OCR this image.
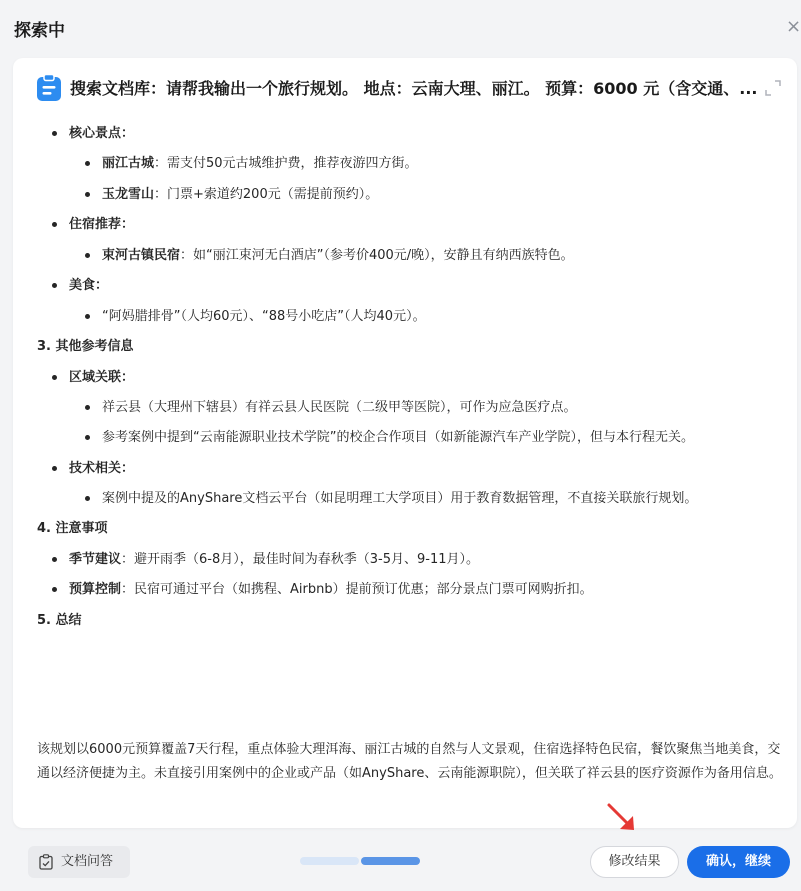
探索中	×
搜索文档库：请帮我输出一个旅行规划。 地点：云南大理、丽江。 预算：6000 元（含交通、...
核心景点：
丽江古城：需支付50元古城维护费，推荐夜游四方街。
玉龙雪山：门票+索道约200元（需提前预约）。
住宿推荐：
束河古镇民宿：如“丽江束河无白酒店”（参考价400元/晚），安静且有纳西族特色。
美食：
“阿妈腊排骨”（人均60元）、“88号小吃店”（人均40元）。
3. 其他参考信息
区域关联：
祥云县（大理州下辖县）有祥云县人民医院（二级甲等医院），可作为应急医疗点。
参考案例中提到“云南能源职业技术学院”的校企合作项目（如新能源汽车产业学院），但与本行程无关。
技术相关：
案例中提及的AnyShare文档云平台（如昆明理工大学项目）用于教育数据管理，不直接关联旅行规划。
4. 注意事项
季节建议：避开雨季（6-8月），最佳时间为春秋季（3-5月、9-11月）。
预算控制：民宿可通过平台（如携程、Airbnb）提前预订优惠；部分景点门票可网购折扣。
5. 总结
该规划以6000元预算覆盖7天行程，重点体验大理洱海、丽江古城的自然与人文景观，住宿选择特色民宿，餐饮聚焦当地美食，交通以经济便捷为主。未直接引用案例中的企业或产品（如AnyShare、云南能源职院），但关联了祥云县的医疗资源作为备用信息。
文档问答	修改结果	确认，继续
